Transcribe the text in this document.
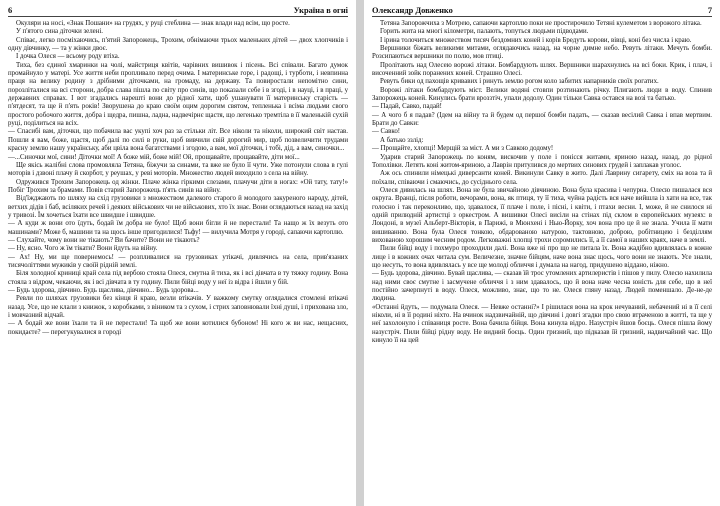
6	Україна в огні

Окуляри на носі, «Знак Пошани» на грудях, у руці стеблина — знак влади над всім, що росте.

У п'ятого сина діточки зелені.

Співає, легко посміхаючись, п'ятий Запорожець, Трохим, обнімаючи трьох маленьких дітей — двох хлопчиків і одну дівчинку, — та у жінки двоє.

І дочка Олеся — всьому роду втіха.

Тиха, без єдиної хмаринки на чолі, майстриця квітів, чарівних вишивок і пісень. Всі співали. Багато думок промайнуло у матері. Усе життя неби пропливало перед очима. І материнське горе, і радощі, і турботи, і невпинна праця на велику родину з дрібними діточками, на громаду, на державу. Та повиростали непомітно сини, порозліталися на всі сторони, добра слава пішла по світу про синів, що показали себе і в згоді, і в науці, і в праці, у державних справах. І вот згадались нарешті вони до рідної хати, щоб ушанувати її материнську старість — п'ятдесят, та ще й п'ять років! Зворушена до краю своїм оцим дорогим святом, тепленька і всіма людьми свого простого робочого життя, добра і щедра, пишна, ладна, надвечірнє щастя, що легенько тремтіла в її маленькій сухій руці, поділиться на всіх.

— Спасибі вам, діточки, що побачила вас укупі хоч раз за стільки літ. Все ніколи та ніколи, широкий світ настав. Пошли я вам, боже, щастя, щоб далі по силі в руки, щоб вивчили свій дорогий мир, щоб позвеличити трудами красну землю нашу українську, аби цвіла вона багатствами і згодою, а вам, мої діточки, і тобі, дід, а вам, синочки...

—...Синочки мої, сини! Діточки мої! А боже мій, боже мій! Ой, прощавайте, прощавайте, діти мої...

Ще якісь жалібні слова промовляла Тетяна, біжучи за синами, та вже не було її чути. Уже потонули слова в гулі моторів і дзвоні плачу й скорбот, у реушах, у реві моторів. Множество людей виходило з села на війну.

Одружився Трохим Запорожець од жінки. Плаче жінка гіркими слезами, плачучи діти в ногах: «Ой тату, тату!» Побіг Трохим за брамами. Повів старий Запорожець п'ять синів на війну.

Вiд'їжджають по шляху на схід грузовики з множеством далекого старого й молодого закуреного народу, дітей, ветхих дідів і баб, всіляких речей і деяких військових чи не військових, хто їх знає. Вони оглядаються назад на захід у тривозі. Їм хочеться їхати все швидше і швидше.

— А куди ж вони ото їдуть, бодай їм добра не було! Щоб вони бігли й не перестали! Та нащо ж їх везуть ото машинами? Може б, машини та на щось інше пригодилися! Тьфу! — вилучила Мотря у городі, сапаючи картоплю.

— Слухайте, чому вони не тікають? Ви бачите? Вони не тікають?

— Ну, ясно. Чого ж їм тікати? Вони йдуть на війну.

— Ах! Ну, ми ще повернемось! — розпливалися на грузовиках утікачі, дивлячись на села, прив'язаних тисячоліттями мужиків у своїй рідній землі.

Біля холодної криниці край села під вербою стояла Олеся, смутна й тиха, як і всі дівчата в ту тяжку годину. Вона стояла з відром, чекаючи, як і всі дівчата в ту годину. Пили бійці воду у неї із відра і йшли у бій.

— Будь здорова, дівчино. Будь щаслива, дівчино... Будь здорова...

Ревли по шляхах грузовики без кінця й краю, везли втікачів. У важкому смутку оглядалися стомлені втікачі назад. Усе, що не клали з книжок, з коробками, з віником та з сухом, і стрих заповнювали їхні душі, і прихована зло, і мовчазний відчай.

— А бодай же вони їхали та й не перестали! Та щоб же вони котилися бубоном! Ні кого ж ви нас, нещасних, покидаєте? — перегукувалися в городі

Олександр Довженко	7

Тетяна Запорожчиха з Мотрею, сапаючи картоплю поки не простирочило Тетяні кулеметом з ворожого літака.

Горить жита на многі кілометри, палають, топуться людьми підводами.

І ірина толочиться множеством тисяч бездомних коней і корів Бредуть корови, вівці, коні без числа і краю.

Вершники біжать великими митами, оглядаючись назад, на чорне димне небо. Ревуть літаки. Мечуть бомби. Розсипаються вершники по полю, мов птиці.

Пролітають над Олесею ворожі літаки. Бомбардують шлях. Вершники шарахнулись на всі боки. Крик, і плач, і височенний зойк поранених коней. Страшно Олесі.

Ревуть бики од пахощів кривавих і ринуть землю рогом коло забитих напарників своїх рогатих.

Ворожі літаки бомбардують міст. Велики водяні стовпи розтинають річку. Плигають люди в воду. Спинив Запорожець коней. Кинулись брати вроззтіч, упали додолу. Один тільки Савка остався на возі та батько.

— Падай, Савко, падай!

— А чого б я падав? (Ідем на війну та й будем од першої бомби падать, — сказав весілий Савка і впав мертвим. Брати до Савки:

— Савко!

А батько ззлід:

— Прощайте, хлопці! Мерщій за міст. А ми з Савкою додому!

Ударив старий Запорожець по коням, вискочив у поле і понісся житами, яриною назад, назад, до рідної Тополівки. Летять коні житом-яриною, а Лаврін притулився до мертвих синових грудей і заплакав уголос.

Аж ось спинили німецькі диверсанти коней. Викинули Савку в жито. Далі Лаврину сигарету, сміх на воза та й поїхали, співаючи і смаючись, до сусіднього села.

Олеся дивилась на шлях. Вона не була звичайною дівчиною. Вона була красива і чепурна. Олесю пишалася вся округа. Вранці, після роботи, вечорами, вона, як птиця, ту її тиха, чуйна радість вся наче вийшла із хати на все, так голосно і так переконливо, що, здавалося, її плаче і поле, і пісні, і квіти, і птахи весни. І, може, й не снилося ні одній прилюдній артистці з оркестром. А вишивки Олесі висіли на стінах під склом в європейських музеях: в Лондоні, в музеї Альберт-Вікторія, в Парижі, в Мюнхені і Нью-Йорку, хоч вона про це й не знала. Учила її мати вишиванню. Вона була Олеся тонкою, обдарованою натурою, тактовною, доброю, робітницею і безділлям вихованою хорошим чесним родом. Легковажні хлопці трохи соромились її, а її самої в наших краях, наче в землі.

Пили бійці воду і похмуро проходили далі. Вона вже ні про що не питала їх. Вона жадібно вдивлялась в кожне лице і в кожних очах читала сум. Величезне, значне бійцям, наче вона знає щось, чого вони не знають. Усе знали, що несуть, то вона вдивлялась у все ще молоді обличчя і думала на нагод, придушено віддано, ніжно.

— Будь здорова, дівчино. Бувай щаслива, — сказав їй трос утомлених артилеристів і пішов у пилу. Олесю нахилила над ними своє смутне і засмучене обличчя і з ним здавалось, що й вона наче чесна юність для себе, що в неї постійно зачерпнуті в воду. Олеся, можливо, знає, що то не. Олеся гляну назад. Людей поменшало. Де-не-де людина.

«Останні йдуть, — подумала Олеся. — Невже останні?» І рішилася вона на крок нечуваний, небачений ні в її селі ніколи, ні в її родині ніхто. На вчинок надзвичайній, що дівчині і довгі згадки про свою втраченою в житті, та ще у неї захолонуло і співаниця росте. Вона бачила бійця. Вона кинула відро. Назустріч йшов боєць. Олеся пішла йому назустріч. Пили бійці рідну воду. Не видний боєць. Один гризний, що підказав їй гризний, надвичайний час. Що кинуло її на цей
